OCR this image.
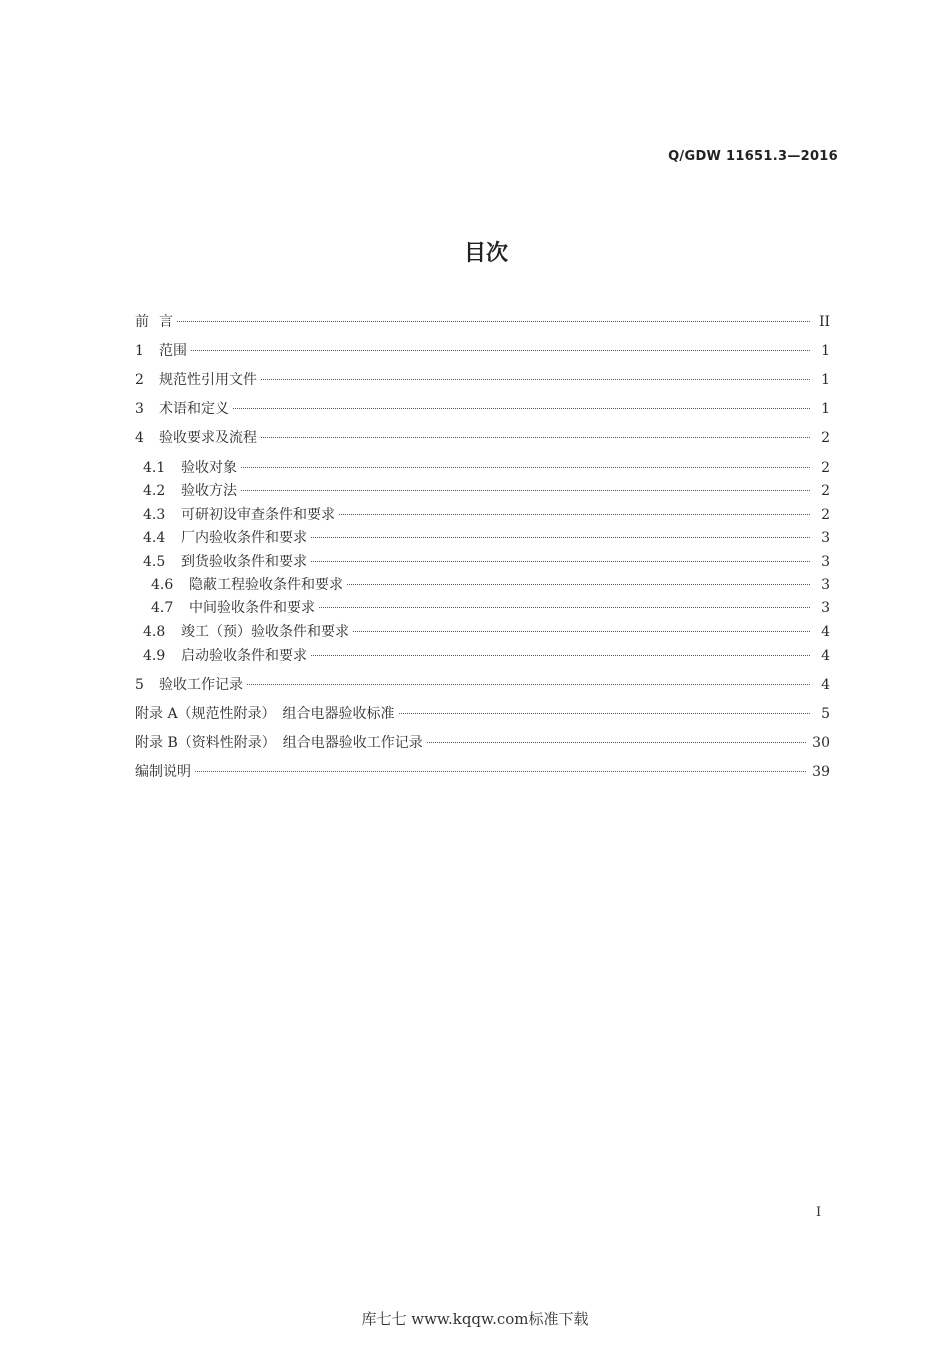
Q/GDW 11651.3—2016
目次
前 言	II
1	范围	1
2	规范性引用文件	1
3	术语和定义	1
4	验收要求及流程	2
4.1	验收对象	2
4.2	验收方法	2
4.3	可研初设审查条件和要求	2
4.4	厂内验收条件和要求	3
4.5	到货验收条件和要求	3
4.6	隐蔽工程验收条件和要求	3
4.7	中间验收条件和要求	3
4.8	竣工（预）验收条件和要求	4
4.9	启动验收条件和要求	4
5	验收工作记录	4
附录 A（规范性附录）　组合电器验收标准	5
附录 B（资料性附录）　组合电器验收工作记录	30
编制说明	39
I
库七七 www.kqqw.com标准下载
